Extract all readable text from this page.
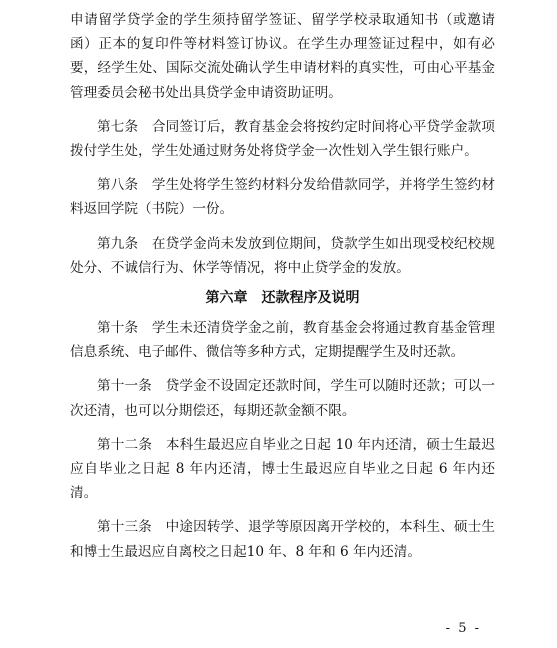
申请留学贷学金的学生须持留学签证、留学学校录取通知书（或邀请函）正本的复印件等材料签订协议。在学生办理签证过程中，如有必要，经学生处、国际交流处确认学生申请材料的真实性，可由心平基金管理委员会秘书处出具贷学金申请资助证明。

第七条　合同签订后，教育基金会将按约定时间将心平贷学金款项拨付学生处，学生处通过财务处将贷学金一次性划入学生银行账户。

第八条　学生处将学生签约材料分发给借款同学，并将学生签约材料返回学院（书院）一份。

第九条　在贷学金尚未发放到位期间，贷款学生如出现受校纪校规处分、不诚信行为、休学等情况，将中止贷学金的发放。

第六章　还款程序及说明

第十条　学生未还清贷学金之前，教育基金会将通过教育基金管理信息系统、电子邮件、微信等多种方式，定期提醒学生及时还款。

第十一条　贷学金不设固定还款时间，学生可以随时还款；可以一次还清，也可以分期偿还，每期还款金额不限。

第十二条　本科生最迟应自毕业之日起 10 年内还清，硕士生最迟应自毕业之日起 8 年内还清，博士生最迟应自毕业之日起 6 年内还清。

第十三条　中途因转学、退学等原因离开学校的，本科生、硕士生和博士生最迟应自离校之日起10 年、8 年和 6 年内还清。

- 5 -
